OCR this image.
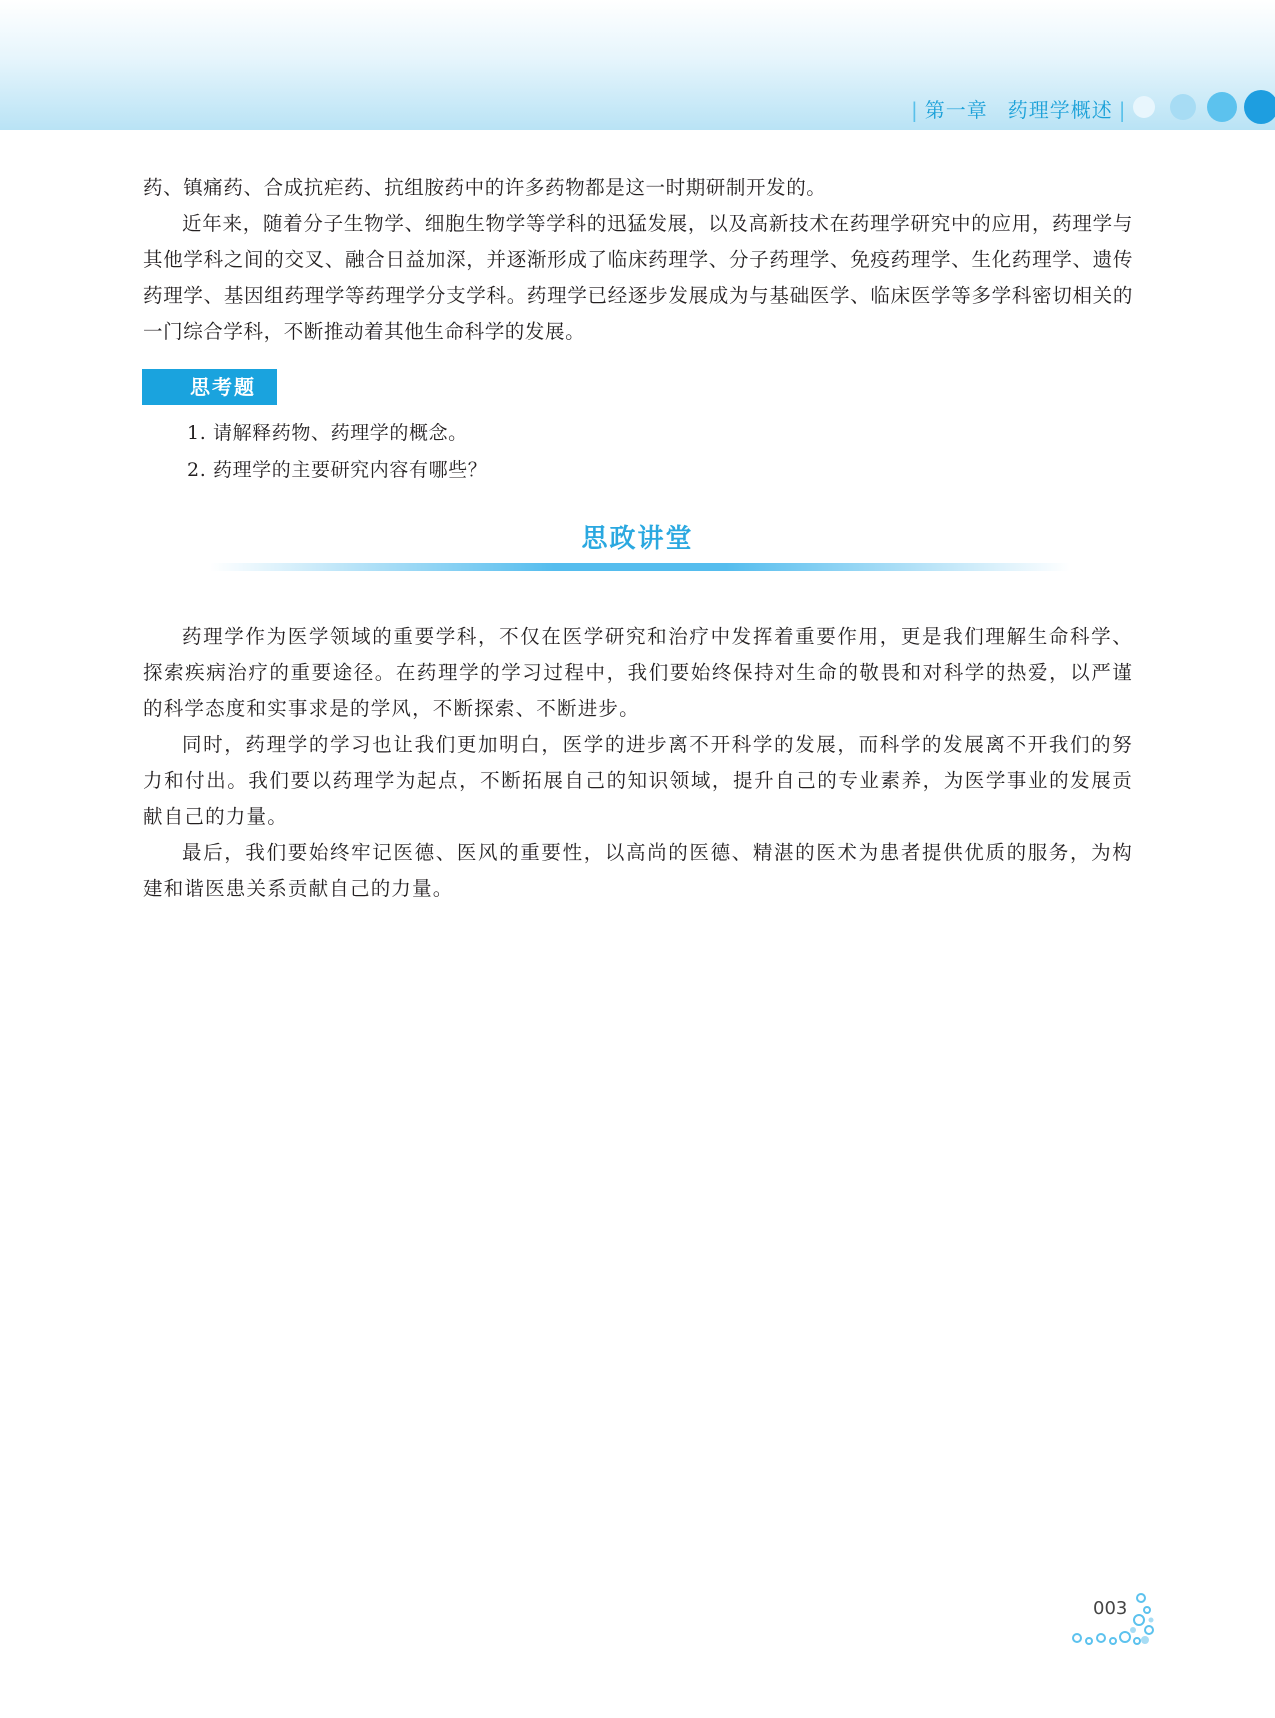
| 第一章 药理学概述 |

药、镇痛药、合成抗疟药、抗组胺药中的许多药物都是这一时期研制开发的。

近年来，随着分子生物学、细胞生物学等学科的迅猛发展，以及高新技术在药理学研究中的应用，药理学与其他学科之间的交叉、融合日益加深，并逐渐形成了临床药理学、分子药理学、免疫药理学、生化药理学、遗传药理学、基因组药理学等药理学分支学科。药理学已经逐步发展成为与基础医学、临床医学等多学科密切相关的一门综合学科，不断推动着其他生命科学的发展。

思考题
1. 请解释药物、药理学的概念。
2. 药理学的主要研究内容有哪些？
思政讲堂

药理学作为医学领域的重要学科，不仅在医学研究和治疗中发挥着重要作用，更是我们理解生命科学、探索疾病治疗的重要途径。在药理学的学习过程中，我们要始终保持对生命的敬畏和对科学的热爱，以严谨的科学态度和实事求是的学风，不断探索、不断进步。

同时，药理学的学习也让我们更加明白，医学的进步离不开科学的发展，而科学的发展离不开我们的努力和付出。我们要以药理学为起点，不断拓展自己的知识领域，提升自己的专业素养，为医学事业的发展贡献自己的力量。

最后，我们要始终牢记医德、医风的重要性，以高尚的医德、精湛的医术为患者提供优质的服务，为构建和谐医患关系贡献自己的力量。

003
